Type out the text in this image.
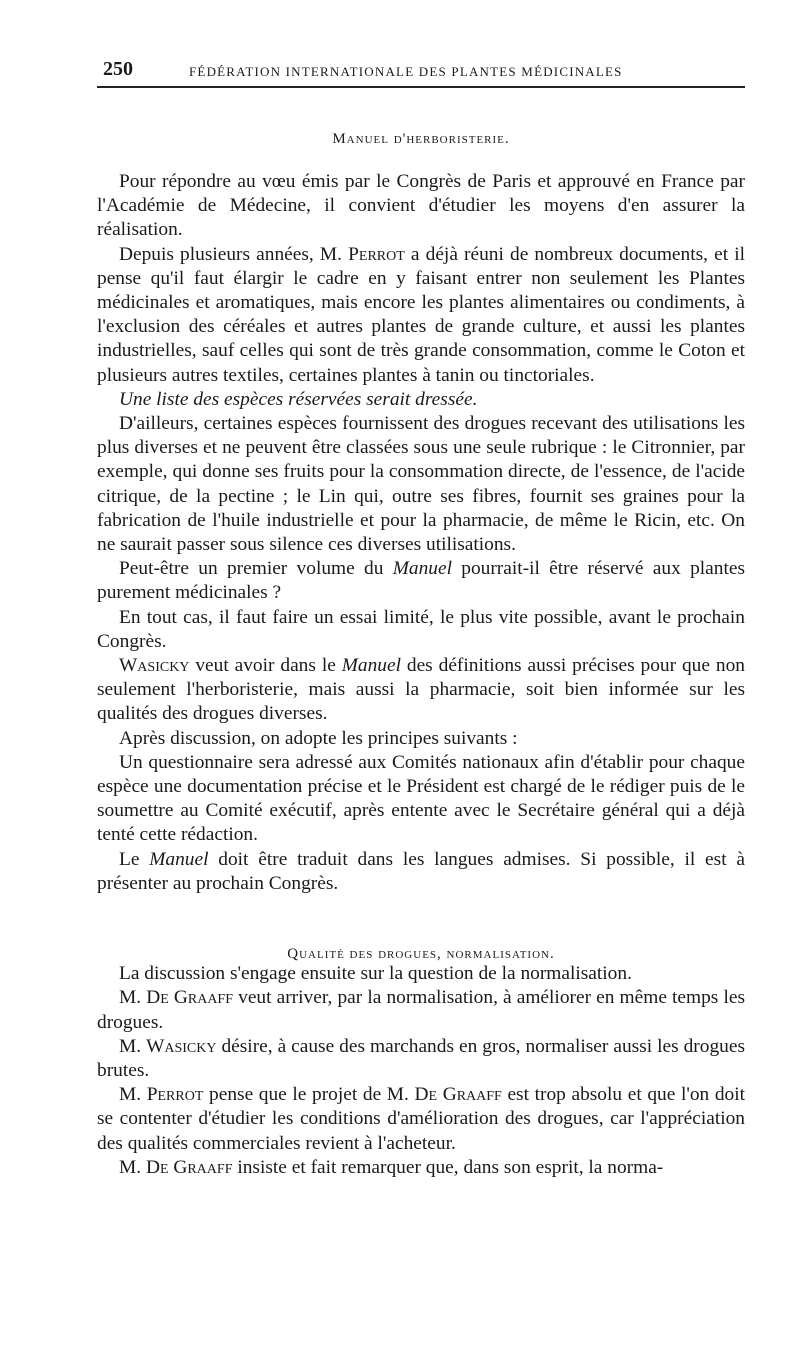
250	FÉDÉRATION INTERNATIONALE DES PLANTES MÉDICINALES
Manuel d'herboristerie.

Pour répondre au vœu émis par le Congrès de Paris et approuvé en France par l'Académie de Médecine, il convient d'étudier les moyens d'en assurer la réalisation.

Depuis plusieurs années, M. Perrot a déjà réuni de nombreux documents, et il pense qu'il faut élargir le cadre en y faisant entrer non seulement les Plantes médicinales et aromatiques, mais encore les plantes alimentaires ou condiments, à l'exclusion des céréales et autres plantes de grande culture, et aussi les plantes industrielles, sauf celles qui sont de très grande consommation, comme le Coton et plusieurs autres textiles, certaines plantes à tanin ou tinctoriales.

Une liste des espèces réservées serait dressée.

D'ailleurs, certaines espèces fournissent des drogues recevant des utilisations les plus diverses et ne peuvent être classées sous une seule rubrique : le Citronnier, par exemple, qui donne ses fruits pour la consommation directe, de l'essence, de l'acide citrique, de la pectine ; le Lin qui, outre ses fibres, fournit ses graines pour la fabrication de l'huile industrielle et pour la pharmacie, de même le Ricin, etc. On ne saurait passer sous silence ces diverses utilisations.

Peut-être un premier volume du Manuel pourrait-il être réservé aux plantes purement médicinales ?

En tout cas, il faut faire un essai limité, le plus vite possible, avant le prochain Congrès.

Wasicky veut avoir dans le Manuel des définitions aussi précises pour que non seulement l'herboristerie, mais aussi la pharmacie, soit bien informée sur les qualités des drogues diverses.

Après discussion, on adopte les principes suivants :

Un questionnaire sera adressé aux Comités nationaux afin d'établir pour chaque espèce une documentation précise et le Président est chargé de le rédiger puis de le soumettre au Comité exécutif, après entente avec le Secrétaire général qui a déjà tenté cette rédaction.

Le Manuel doit être traduit dans les langues admises. Si possible, il est à présenter au prochain Congrès.

Qualité des drogues, normalisation.

La discussion s'engage ensuite sur la question de la normalisation.

M. De Graaff veut arriver, par la normalisation, à améliorer en même temps les drogues.

M. Wasicky désire, à cause des marchands en gros, normaliser aussi les drogues brutes.

M. Perrot pense que le projet de M. De Graaff est trop absolu et que l'on doit se contenter d'étudier les conditions d'amélioration des drogues, car l'appréciation des qualités commerciales revient à l'acheteur.

M. De Graaff insiste et fait remarquer que, dans son esprit, la norma-
